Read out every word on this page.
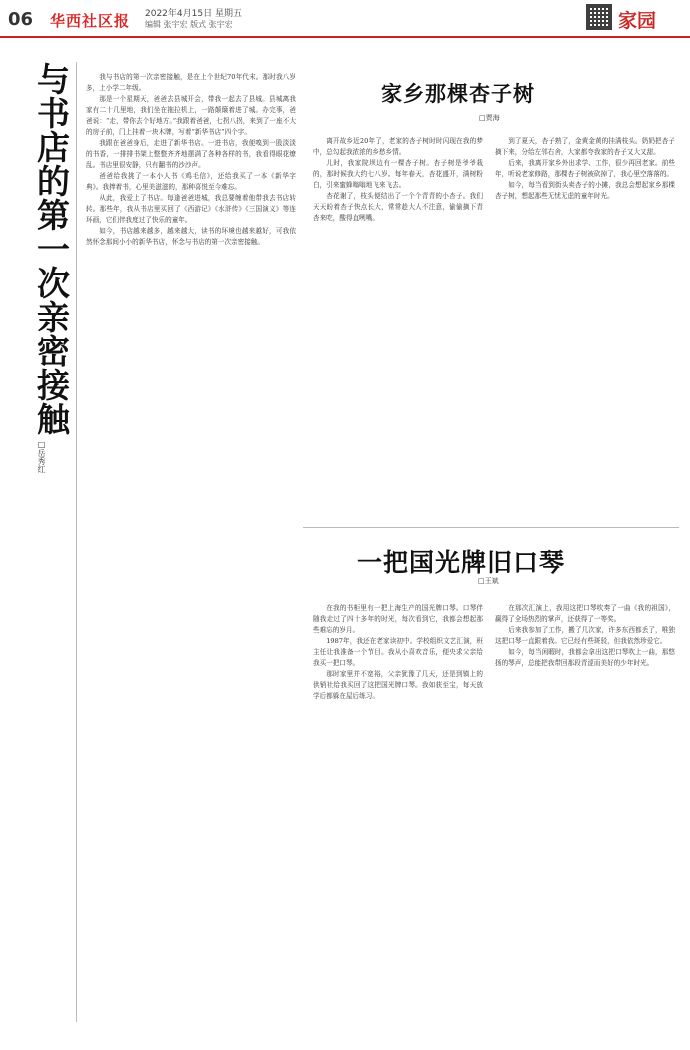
06 华西社区报 2022年4月15日 星期五
编辑 张宇宏 版式 张宇宏	家园
与书店的第一次亲密接触
□岳秀红

我与书店的第一次亲密接触，是在上个世纪70年代末。那时我八岁多，上小学二年级。

那是一个星期天，爸爸去县城开会，带我一起去了县城。县城离我家有二十几里地，我们坐在拖拉机上，一路颠簸着进了城。办完事，爸爸说：“走，带你去个好地方。”我跟着爸爸，七拐八拐，来到了一座不大的房子前，门上挂着一块木牌，写着“新华书店”四个字。

我跟在爸爸身后，走进了新华书店。一进书店，我便嗅到一股淡淡的书香，一排排书架上整整齐齐地摆满了各种各样的书，我看得眼花缭乱。书店里很安静，只有翻书的沙沙声。

爸爸给我挑了一本小人书《鸡毛信》，还给我买了一本《新华字典》。我捧着书，心里美滋滋的，那种喜悦至今难忘。

从此，我爱上了书店。每逢爸爸进城，我总要缠着他带我去书店转转。那些年，我从书店里买回了《西游记》《水浒传》《三国演义》等连环画，它们伴我度过了快乐的童年。

如今，书店越来越多，越来越大，读书的环境也越来越好，可我依然怀念那间小小的新华书店，怀念与书店的第一次亲密接触。

家乡那棵杏子树
□贾海

离开故乡近20年了，老家的杏子树时时闪现在我的梦中，总勾起我浓浓的乡愁乡情。

儿时，我家院坝边有一棵杏子树。杏子树是爷爷栽的，那时候我大约七八岁。每年春天，杏花盛开，满树粉白，引来蜜蜂嗡嗡地飞来飞去。

杏花谢了，枝头便结出了一个个青青的小杏子。我们天天盼着杏子快点长大，常常趁大人不注意，偷偷摘下青杏来吃，酸得直咧嘴。

到了夏天，杏子熟了，金黄金黄的挂满枝头。奶奶把杏子摘下来，分给左邻右舍，大家都夸我家的杏子又大又甜。

后来，我离开家乡外出求学、工作，很少再回老家。前些年，听说老家修路，那棵杏子树被砍掉了，我心里空落落的。

如今，每当看到街头卖杏子的小摊，我总会想起家乡那棵杏子树，想起那些无忧无虑的童年时光。

一把国光牌旧口琴
□王斌

在我的书柜里有一把上海生产的国光牌口琴。口琴伴随我走过了四十多年的时光，每次看到它，我都会想起那些难忘的岁月。

1987年，我还在老家读初中。学校组织文艺汇演，班主任让我准备一个节目。我从小喜欢音乐，便央求父亲给我买一把口琴。

那时家里并不宽裕，父亲犹豫了几天，还是到镇上的供销社给我买回了这把国光牌口琴。我如获至宝，每天放学后都躲在屋后练习。

在那次汇演上，我用这把口琴吹奏了一曲《我的祖国》，赢得了全场热烈的掌声，还获得了一等奖。

后来我参加了工作，搬了几次家，许多东西都丢了，唯独这把口琴一直跟着我。它已经有些斑驳，但我依然珍爱它。

如今，每当闲暇时，我都会拿出这把口琴吹上一曲，那悠扬的琴声，总能把我带回那段青涩而美好的少年时光。
